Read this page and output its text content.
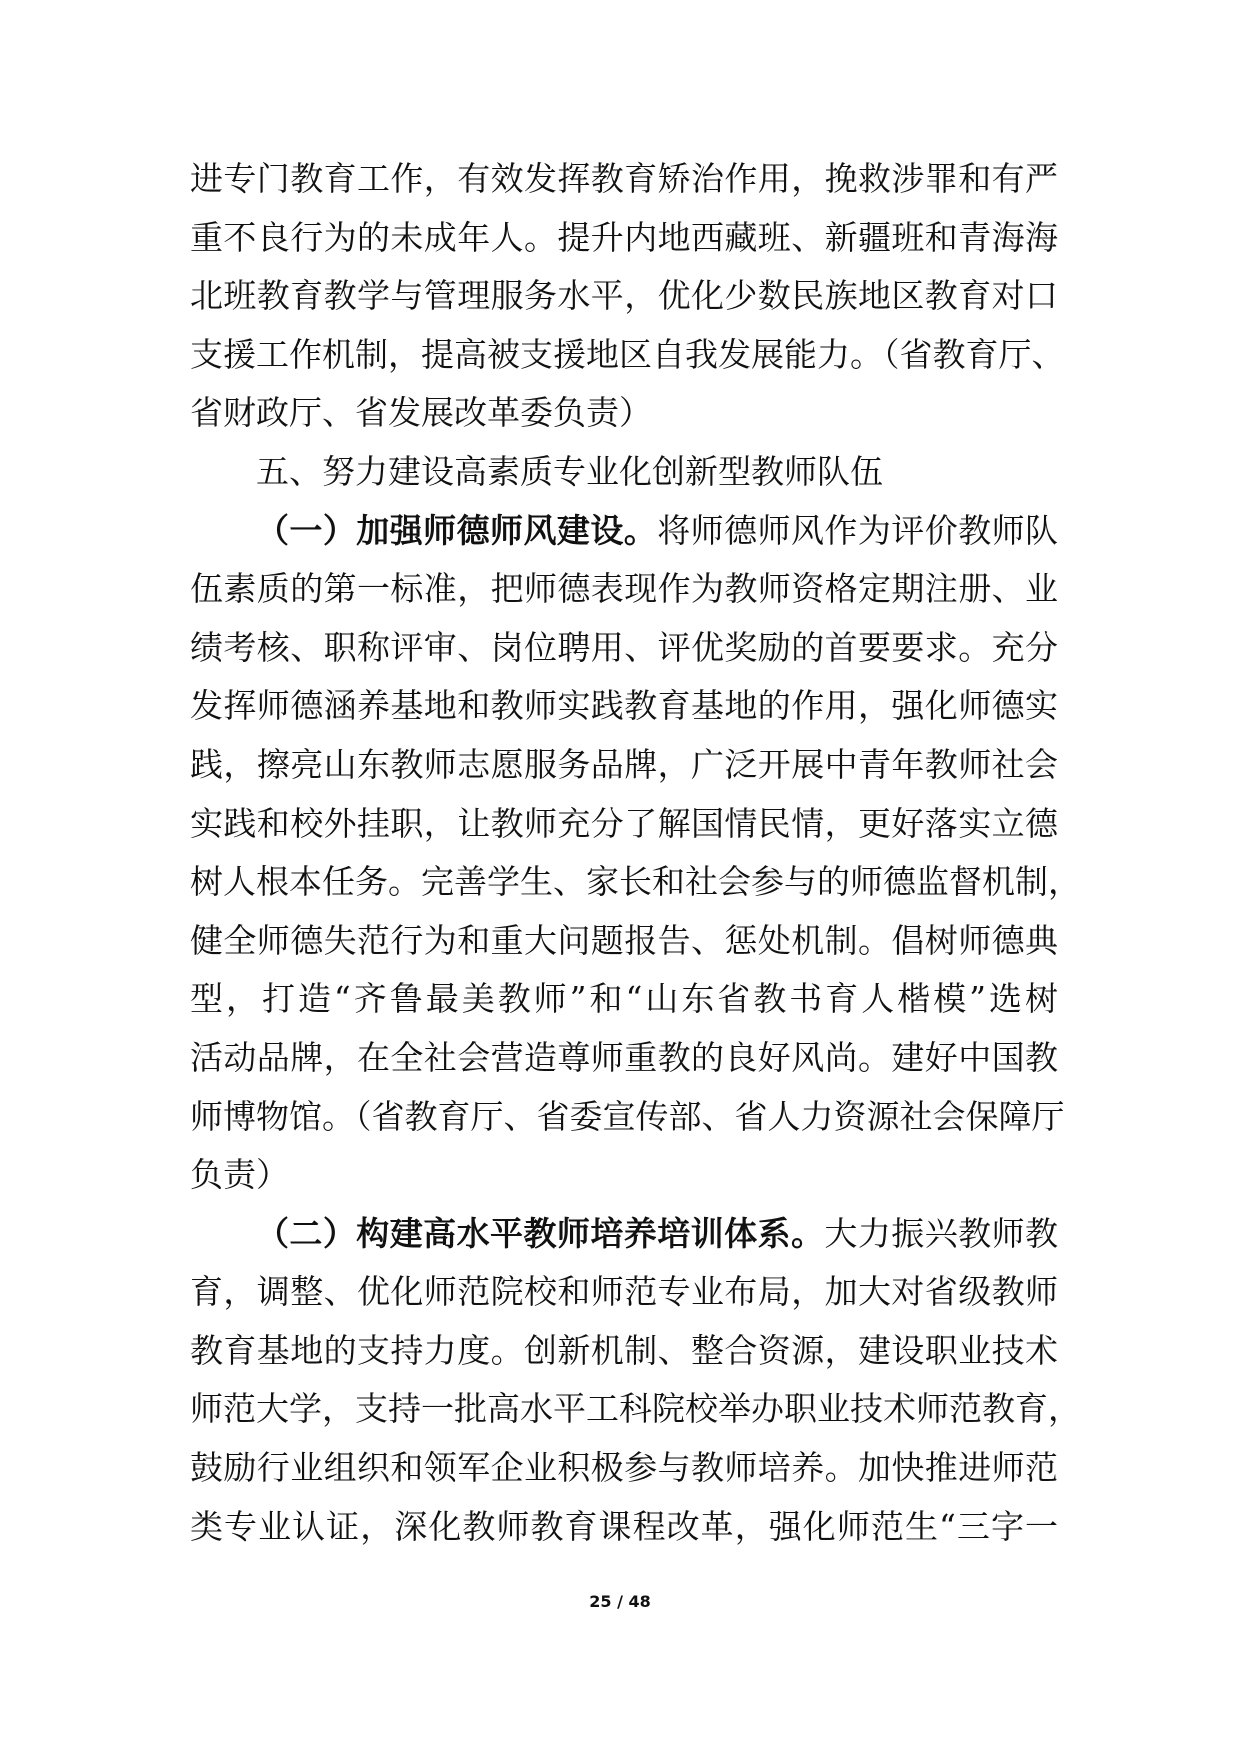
进专门教育工作，有效发挥教育矫治作用，挽救涉罪和有严
重不良行为的未成年人。提升内地西藏班、新疆班和青海海
北班教育教学与管理服务水平，优化少数民族地区教育对口
支援工作机制，提高被支援地区自我发展能力。（省教育厅、
省财政厅、省发展改革委负责）
五、努力建设高素质专业化创新型教师队伍
（一）加强师德师风建设。将师德师风作为评价教师队
伍素质的第一标准，把师德表现作为教师资格定期注册、业
绩考核、职称评审、岗位聘用、评优奖励的首要要求。充分
发挥师德涵养基地和教师实践教育基地的作用，强化师德实
践，擦亮山东教师志愿服务品牌，广泛开展中青年教师社会
实践和校外挂职，让教师充分了解国情民情，更好落实立德
树人根本任务。完善学生、家长和社会参与的师德监督机制，
健全师德失范行为和重大问题报告、惩处机制。倡树师德典
型，打造“齐鲁最美教师”和“山东省教书育人楷模”选树
活动品牌，在全社会营造尊师重教的良好风尚。建好中国教
师博物馆。（省教育厅、省委宣传部、省人力资源社会保障厅
负责）
（二）构建高水平教师培养培训体系。大力振兴教师教
育，调整、优化师范院校和师范专业布局，加大对省级教师
教育基地的支持力度。创新机制、整合资源，建设职业技术
师范大学，支持一批高水平工科院校举办职业技术师范教育，
鼓励行业组织和领军企业积极参与教师培养。加快推进师范
类专业认证，深化教师教育课程改革，强化师范生“三字一
25 / 48
